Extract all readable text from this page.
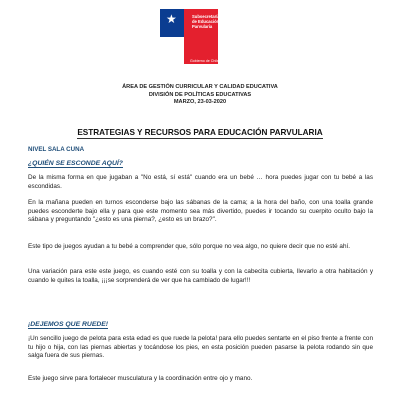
★	Subsecretaría
de Educación
Parvularia
Gobierno de Chile
ÁREA DE GESTIÓN CURRICULAR Y CALIDAD EDUCATIVA
DIVISIÓN DE POLÍTICAS EDUCATIVAS
MARZO, 23-03-2020
ESTRATEGIAS Y RECURSOS PARA EDUCACIÓN PARVULARIA
NIVEL SALA CUNA
¿QUIÉN SE ESCONDE AQUÍ?
De la misma forma en que jugaban a "No está, sí está" cuando era un bebé … hora puedes jugar con tu bebé a las escondidas.
En la mañana pueden en turnos esconderse bajo las sábanas de la cama; a la hora del baño, con una toalla grande puedes esconderte bajo ella y para que este momento sea más divertido, puedes ir tocando su cuerpito oculto bajo la sábana y preguntando "¿esto es una pierna?, ¿esto es un brazo?".
Este tipo de juegos ayudan a tu bebé a comprender que, sólo porque no vea algo, no quiere decir que no esté ahí.
Una variación para este este juego, es cuando esté con su toalla y con la cabecita cubierta, llevarlo a otra habitación y cuando le quites la toalla, ¡¡¡se sorprenderá de ver que ha cambiado de lugar!!!
¡DEJEMOS QUE RUEDE!
¡Un sencillo juego de pelota para esta edad es que ruede la pelota! para ello puedes sentarte en el piso frente a frente con tu hijo o hija, con las piernas abiertas y tocándose los pies, en esta posición pueden pasarse la pelota rodando sin que salga fuera de sus piernas.
Este juego sirve para fortalecer musculatura y la coordinación entre ojo y mano.
